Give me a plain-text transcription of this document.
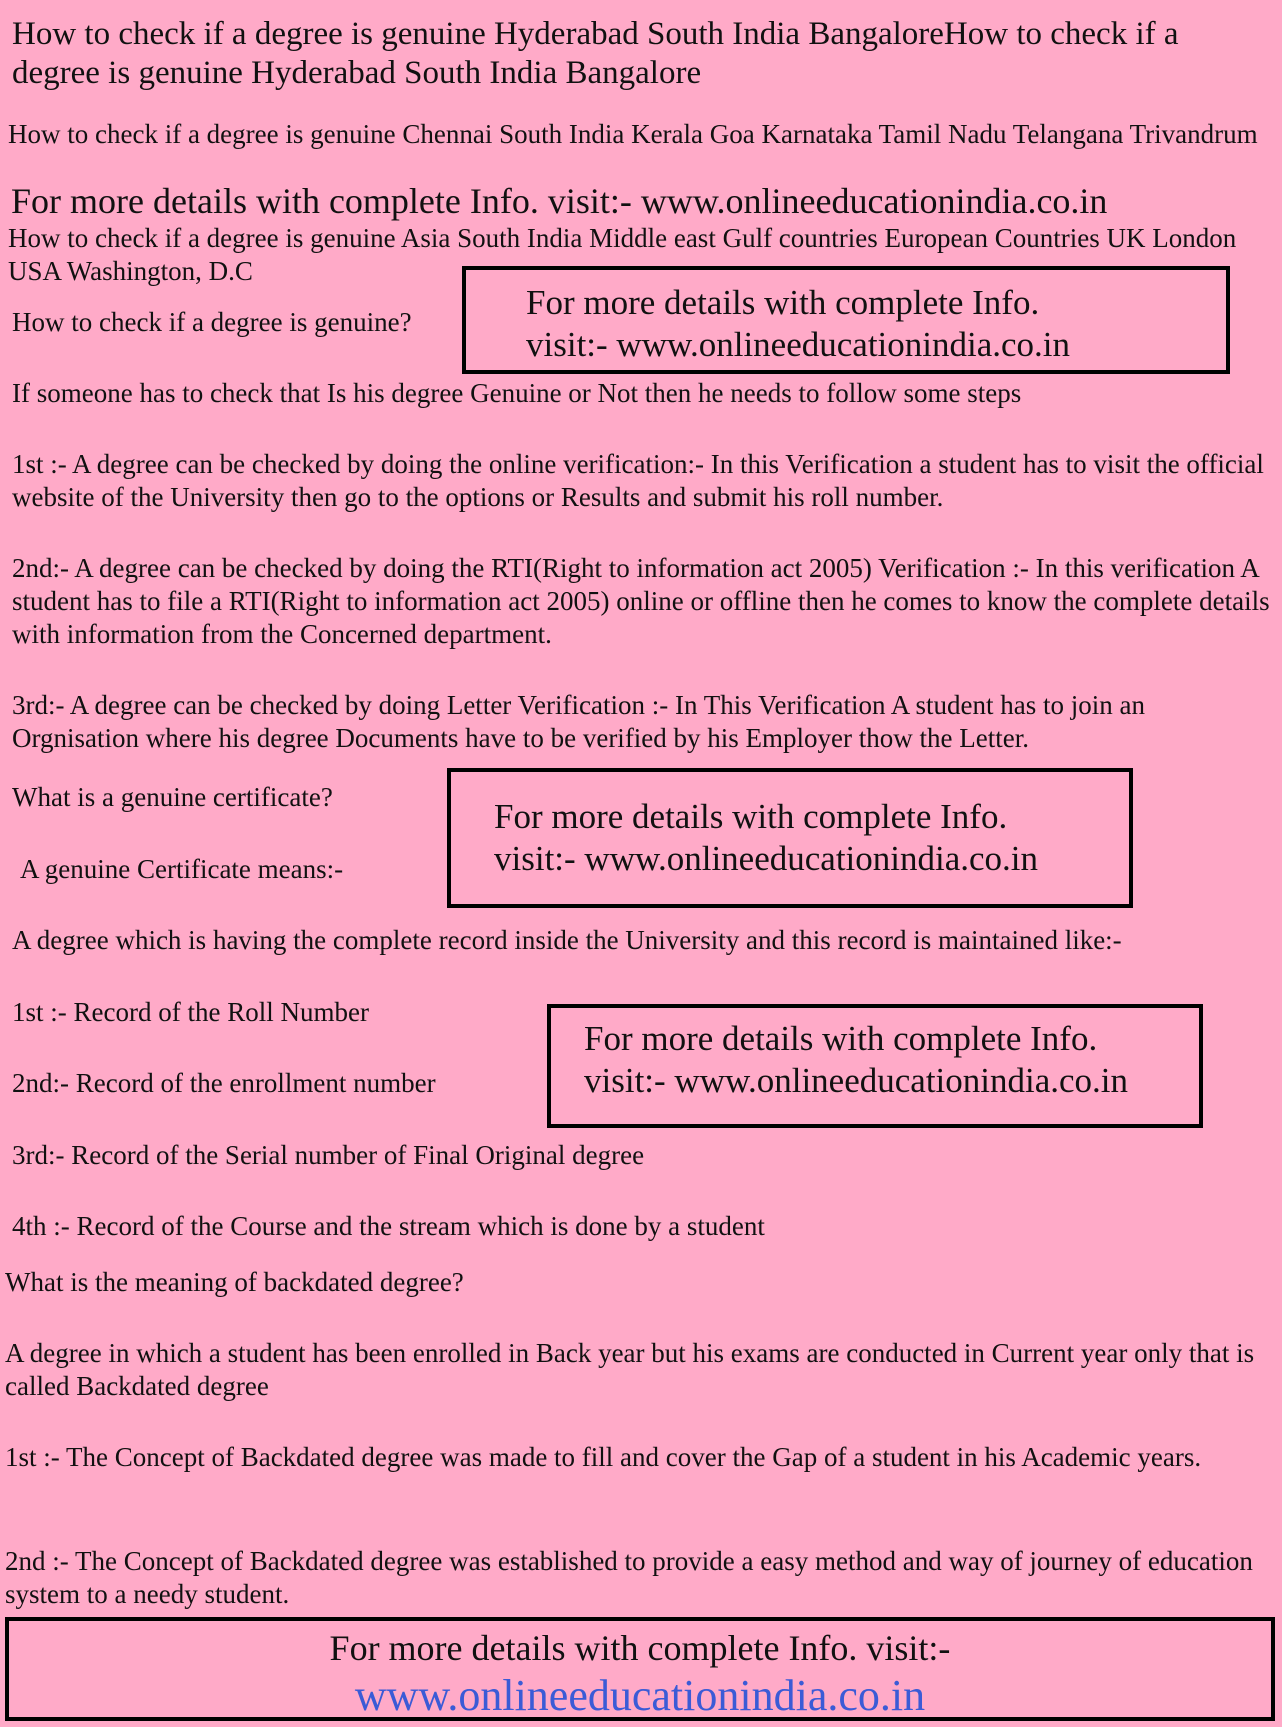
How to check if a degree is genuine Hyderabad South India BangaloreHow to check if a degree is genuine Hyderabad South India Bangalore

How to check if a degree is genuine Chennai South India Kerala Goa Karnataka Tamil Nadu Telangana Trivandrum

For more details with complete Info. visit:- www.onlineeducationindia.co.in

How to check if a degree is genuine Asia South India Middle east Gulf countries European Countries UK London USA Washington, D.C

How to check if a degree is genuine?	For more details with complete Info.
visit:- www.onlineeducationindia.co.in

If someone has to check that Is his degree Genuine or Not then he needs to follow some steps

1st :- A degree can be checked by doing the online verification:- In this Verification a student has to visit the official website of the University then go to the options or Results and submit his roll number.

2nd:- A degree can be checked by doing the RTI(Right to information act 2005) Verification :- In this verification A student has to file a RTI(Right to information act 2005) online or offline then he comes to know the complete details with information from the Concerned department.

3rd:- A degree can be checked by doing Letter Verification :- In This Verification A student has to join an Orgnisation where his degree Documents have to be verified by his Employer thow the Letter.

What is a genuine certificate?

A genuine Certificate means:-

For more details with complete Info.
visit:- www.onlineeducationindia.co.in

A degree which is having the complete record inside the University and this record is maintained like:-

1st :- Record of the Roll Number

2nd:- Record of the enrollment number

For more details with complete Info.
visit:- www.onlineeducationindia.co.in

3rd:- Record of the Serial number of Final Original degree

4th :- Record of the Course and the stream which is done by a student

What is the meaning of backdated degree?

A degree in which a student has been enrolled in Back year but his exams are conducted in Current year only that is called Backdated degree

1st :- The Concept of Backdated degree was made to fill and cover the Gap of a student in his Academic years.

2nd :- The Concept of Backdated degree was established to provide a easy method and way of journey of education system to a needy student.

For more details with complete Info. visit:-
www.onlineeducationindia.co.in
